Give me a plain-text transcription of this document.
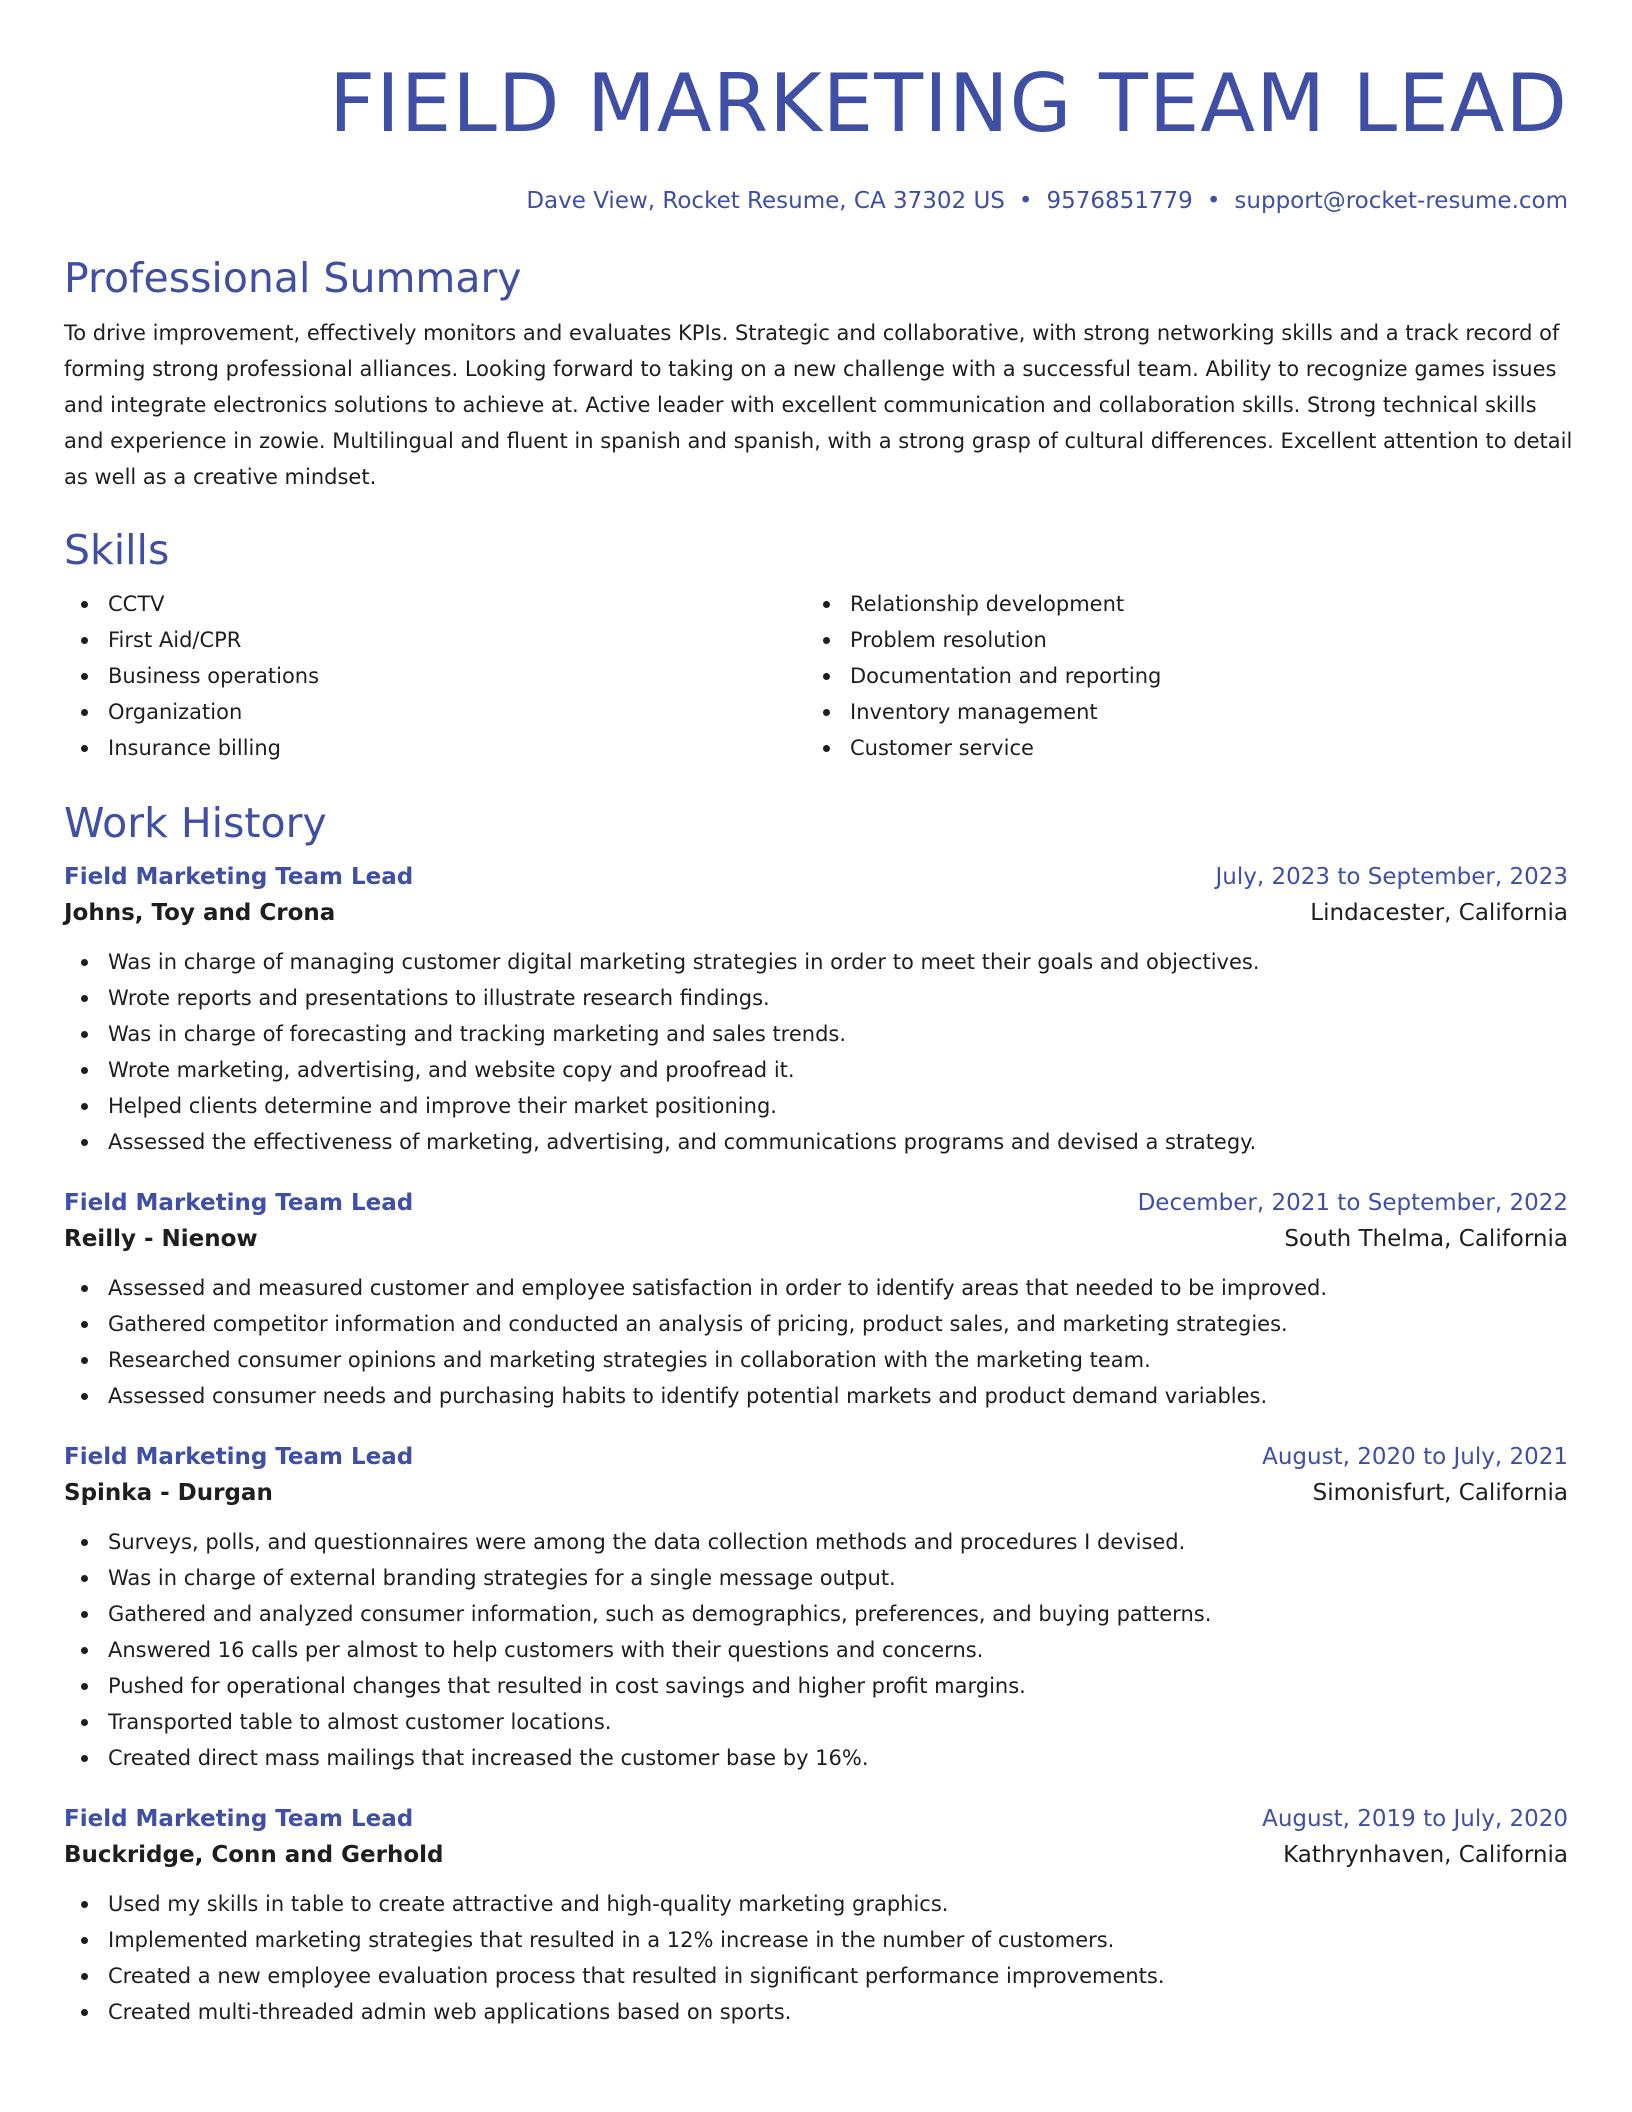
FIELD MARKETING TEAM LEAD
Dave View, Rocket Resume, CA 37302 US • 9576851779 • support@rocket-resume.com
Professional Summary

To drive improvement, effectively monitors and evaluates KPIs. Strategic and collaborative, with strong networking skills and a track record of forming strong professional alliances. Looking forward to taking on a new challenge with a successful team. Ability to recognize games issues and integrate electronics solutions to achieve at. Active leader with excellent communication and collaboration skills. Strong technical skills and experience in zowie. Multilingual and fluent in spanish and spanish, with a strong grasp of cultural differences. Excellent attention to detail as well as a creative mindset.

Skills
CCTV
First Aid/CPR
Business operations
Organization
Insurance billing
Relationship development
Problem resolution
Documentation and reporting
Inventory management
Customer service
Work History
Field Marketing Team Lead	July, 2023 to September, 2023
Johns, Toy and Crona	Lindacester, California
Was in charge of managing customer digital marketing strategies in order to meet their goals and objectives.
Wrote reports and presentations to illustrate research findings.
Was in charge of forecasting and tracking marketing and sales trends.
Wrote marketing, advertising, and website copy and proofread it.
Helped clients determine and improve their market positioning.
Assessed the effectiveness of marketing, advertising, and communications programs and devised a strategy.
Field Marketing Team Lead	December, 2021 to September, 2022
Reilly - Nienow	South Thelma, California
Assessed and measured customer and employee satisfaction in order to identify areas that needed to be improved.
Gathered competitor information and conducted an analysis of pricing, product sales, and marketing strategies.
Researched consumer opinions and marketing strategies in collaboration with the marketing team.
Assessed consumer needs and purchasing habits to identify potential markets and product demand variables.
Field Marketing Team Lead	August, 2020 to July, 2021
Spinka - Durgan	Simonisfurt, California
Surveys, polls, and questionnaires were among the data collection methods and procedures I devised.
Was in charge of external branding strategies for a single message output.
Gathered and analyzed consumer information, such as demographics, preferences, and buying patterns.
Answered 16 calls per almost to help customers with their questions and concerns.
Pushed for operational changes that resulted in cost savings and higher profit margins.
Transported table to almost customer locations.
Created direct mass mailings that increased the customer base by 16%.
Field Marketing Team Lead	August, 2019 to July, 2020
Buckridge, Conn and Gerhold	Kathrynhaven, California
Used my skills in table to create attractive and high-quality marketing graphics.
Implemented marketing strategies that resulted in a 12% increase in the number of customers.
Created a new employee evaluation process that resulted in significant performance improvements.
Created multi-threaded admin web applications based on sports.
